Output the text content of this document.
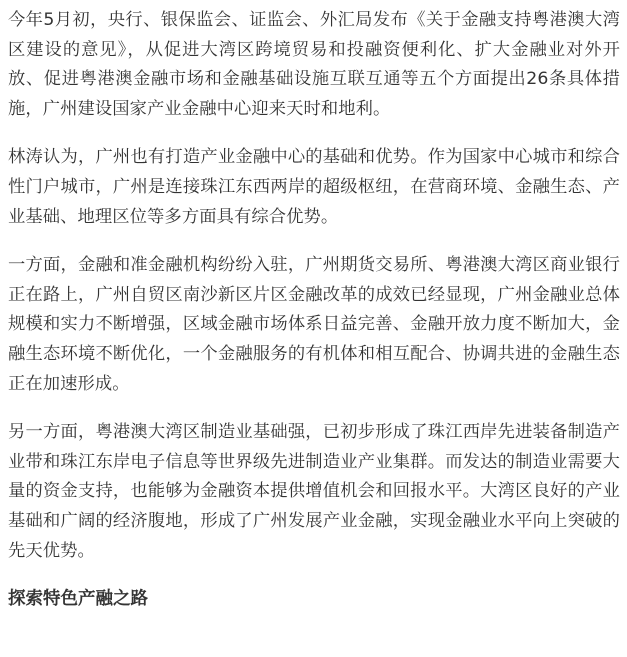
今年5月初，央行、银保监会、证监会、外汇局发布《关于金融支持粤港澳大湾区建设的意见》，从促进大湾区跨境贸易和投融资便利化、扩大金融业对外开放、促进粤港澳金融市场和金融基础设施互联互通等五个方面提出26条具体措施，广州建设国家产业金融中心迎来天时和地利。

林涛认为，广州也有打造产业金融中心的基础和优势。作为国家中心城市和综合性门户城市，广州是连接珠江东西两岸的超级枢纽，在营商环境、金融生态、产业基础、地理区位等多方面具有综合优势。

一方面，金融和准金融机构纷纷入驻，广州期货交易所、粤港澳大湾区商业银行正在路上，广州自贸区南沙新区片区金融改革的成效已经显现，广州金融业总体规模和实力不断增强，区域金融市场体系日益完善、金融开放力度不断加大，金融生态环境不断优化，一个金融服务的有机体和相互配合、协调共进的金融生态正在加速形成。

另一方面，粤港澳大湾区制造业基础强，已初步形成了珠江西岸先进装备制造产业带和珠江东岸电子信息等世界级先进制造业产业集群。而发达的制造业需要大量的资金支持，也能够为金融资本提供增值机会和回报水平。大湾区良好的产业基础和广阔的经济腹地，形成了广州发展产业金融，实现金融业水平向上突破的先天优势。

探索特色产融之路
